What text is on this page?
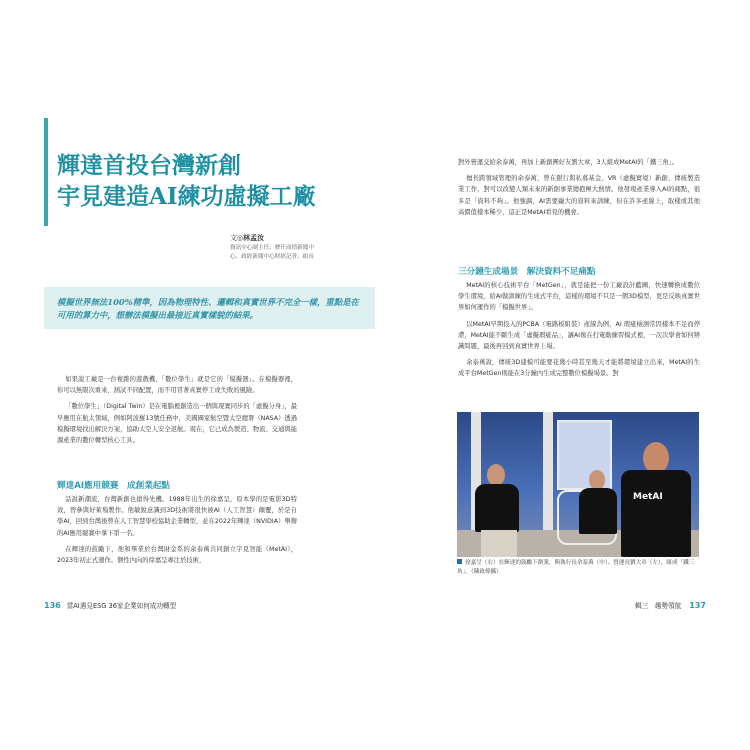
輝達首投台灣新創
宇見建造AI練功虛擬工廠
文◎林孟汝
資訊中心副主任，歷任商情新聞中心、政經新聞中心財經記者、組長
模擬世界無法100%精準，因為物理特性、邏輯和真實世界不完全一樣，重點是在可用的算力中，想辦法模擬出最接近真實樣貌的結果。

如果說工廠是一台複雜的遊戲機，「數位學生」就是它的「模擬器」。在模擬器裡，你可以無限次重來、測試不同配置，而不用冒著真實停工或失敗的風險。

「數位學生」（Digital Twin）是在電腦裡創造出一個與現實同步的「虛擬分身」，最早應用在航太領域，例如阿波羅13號任務中，美國國家航空暨太空總署（NASA）透過模擬環境找出解決方案，協助太空人安全返航。現在，它已成為製造、物流、交通與能源產業的數位轉型核心工具。

輝達AI應用競賽　成創業起點

話說新潮流，台灣新創也搶得先機。1988年出生的徐嘉呈，原本學的是電影3D特效，曾參與好萊塢製作。他敏銳意識到3D技術將很快被AI（人工智慧）顛覆，於是自學AI，回到台灣後曾在人工智慧學校協助企業轉型，並在2022年輝達（NVIDIA）舉辦的AI應用競賽中拿下第一名。

在輝達的鼓勵下，他和畢業於台灣財金系的余泰萬共同創立宇見智能（MetAI），2023年初正式運作。個性內向的徐嘉呈專注於技術，

136 當AI遇見ESG 36家企業如何成功轉型

對外營運交給余泰萬，再加上新創團好友劉大章，3人組成MetAI的「鐵三角」。

擅長跨領域管理的余泰萬，曾在銀行與私募基金、VR（虛擬實境）新創、傳統製造業工作，對可以改變人類未來的新創事業總抱極大熱情。他發現產業導入AI的痛點，很多是「資料不夠」。他強調，AI需要龐大的資料來訓練，但在許多產線上，取樣或其他高價值樣本稀少，這正是MetAI看見的機會。

三分鐘生成場景　解決資料不足痛點

MetAI的核心技術平台「MetGen」，就是能把一份工廠設計藍圖，快速轉換成數位學生環境，給AI做訓練的生成式平台，這樣的環境不只是一個3D模型，更是反映真實世界如何運作的「模擬世界」。

以MetAI早期投入的PCBA（電路板組裝）產線為例，AI 瑕疵檢測常因樣本不足而停滯，MetAI能不斷生成「虛擬瑕疵品」，讓AI像在打電動練習模式裡，一次次學會如何辨識問題，最後再回到真實世界上場。

余泰萬說，傳統3D建模可能要花幾小時甚至幾天才能將環境建立出來，MetAI的生成平台MetGen則能在3分鐘內生成完整數位模擬場景。對

MetAI
徐嘉呈（右）在輝達的鼓勵下創業，與執行長余泰萬（中）、營運長劉大章（左），組成「鐵三角」。（陳政偉攝）
輯三　趨勢領航 137
